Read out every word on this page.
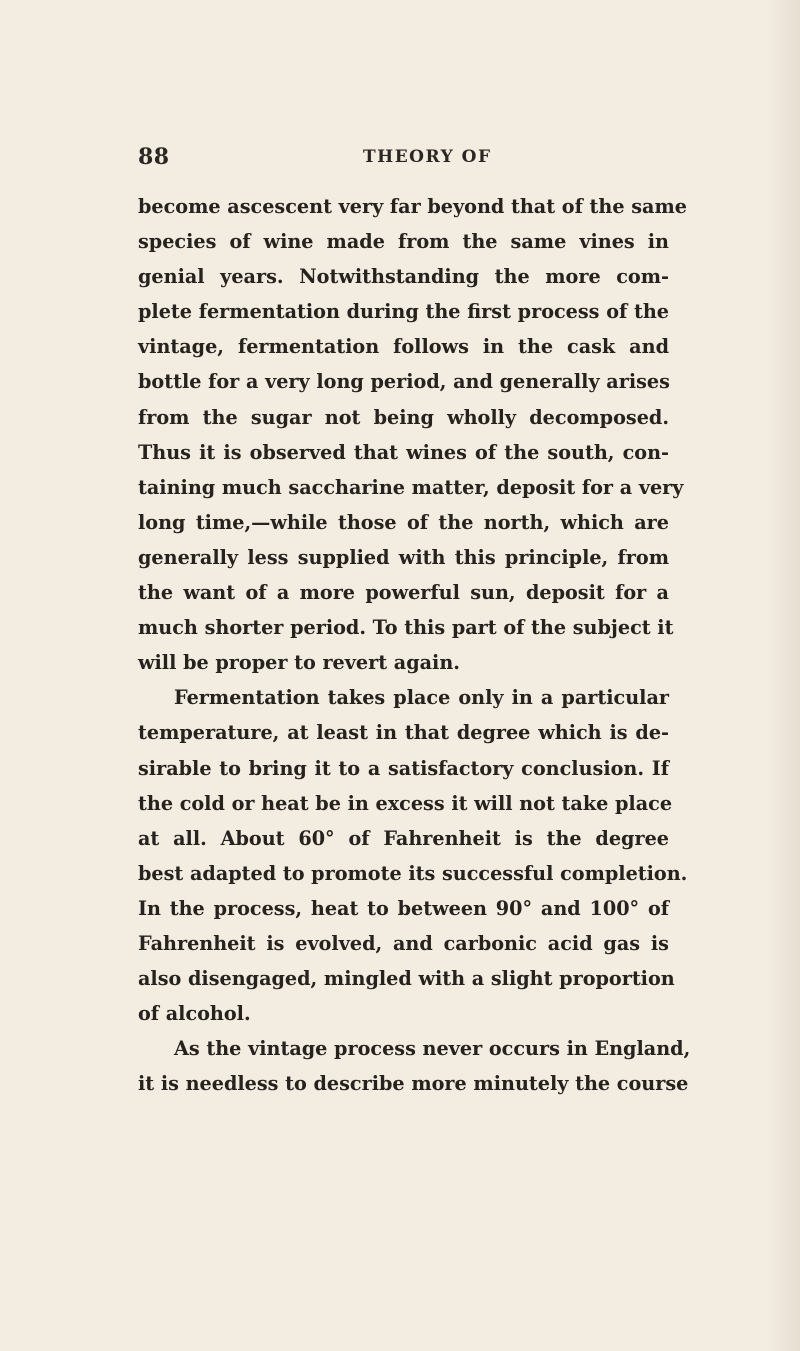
88	THEORY OF
become ascescent very far beyond that of the same
species of wine made from the same vines in
genial years. Notwithstanding the more com-
plete fermentation during the first process of the
vintage, fermentation follows in the cask and
bottle for a very long period, and generally arises
from the sugar not being wholly decomposed.
Thus it is observed that wines of the south, con-
taining much saccharine matter, deposit for a very
long time,—while those of the north, which are
generally less supplied with this principle, from
the want of a more powerful sun, deposit for a
much shorter period. To this part of the subject it
will be proper to revert again.
Fermentation takes place only in a particular
temperature, at least in that degree which is de-
sirable to bring it to a satisfactory conclusion. If
the cold or heat be in excess it will not take place
at all. About 60° of Fahrenheit is the degree
best adapted to promote its successful completion.
In the process, heat to between 90° and 100° of
Fahrenheit is evolved, and carbonic acid gas is
also disengaged, mingled with a slight proportion
of alcohol.
As the vintage process never occurs in England,
it is needless to describe more minutely the course
